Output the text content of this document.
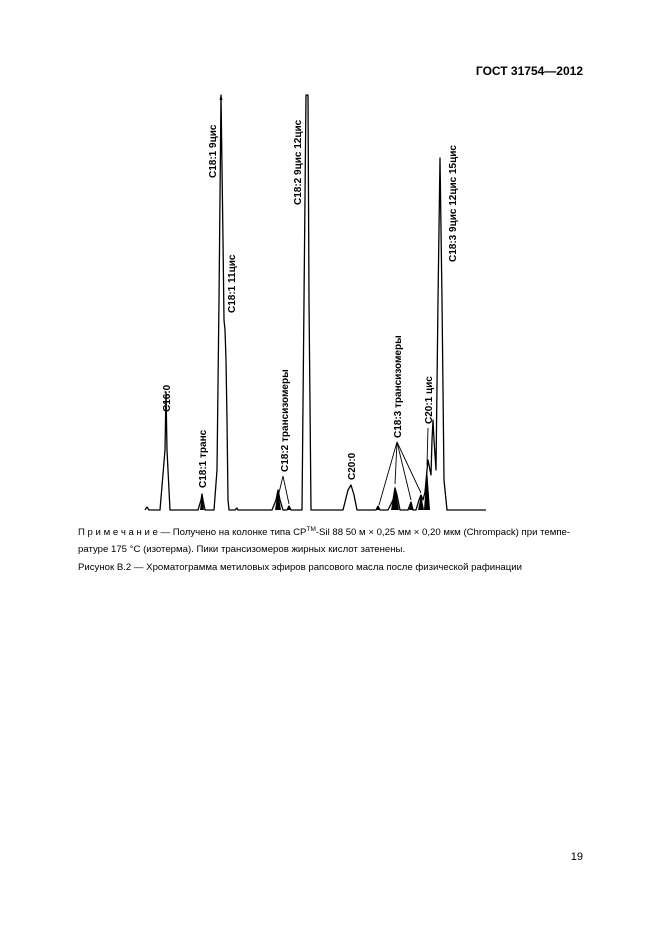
ГОСТ 31754—2012
C16:0
C18:1 транс
C18:1 9цис
C18:1 11цис
C18:2 трансизомеры
C18:2 9цис 12цис
C20:0
C18:3 трансизомеры C20:1 цис
C18:3 9цис 12цис 15цис
П р и м е ч а н и е — Получено на колонке типа CP™-Sil 88 50 м × 0,25 мм × 0,20 мкм (Chrompack) при темпе-
ратуре 175 °С (изотерма). Пики трансизомеров жирных кислот затенены.
Рисунок В.2 — Хроматограмма метиловых эфиров рапсового масла после физической рафинации
19
